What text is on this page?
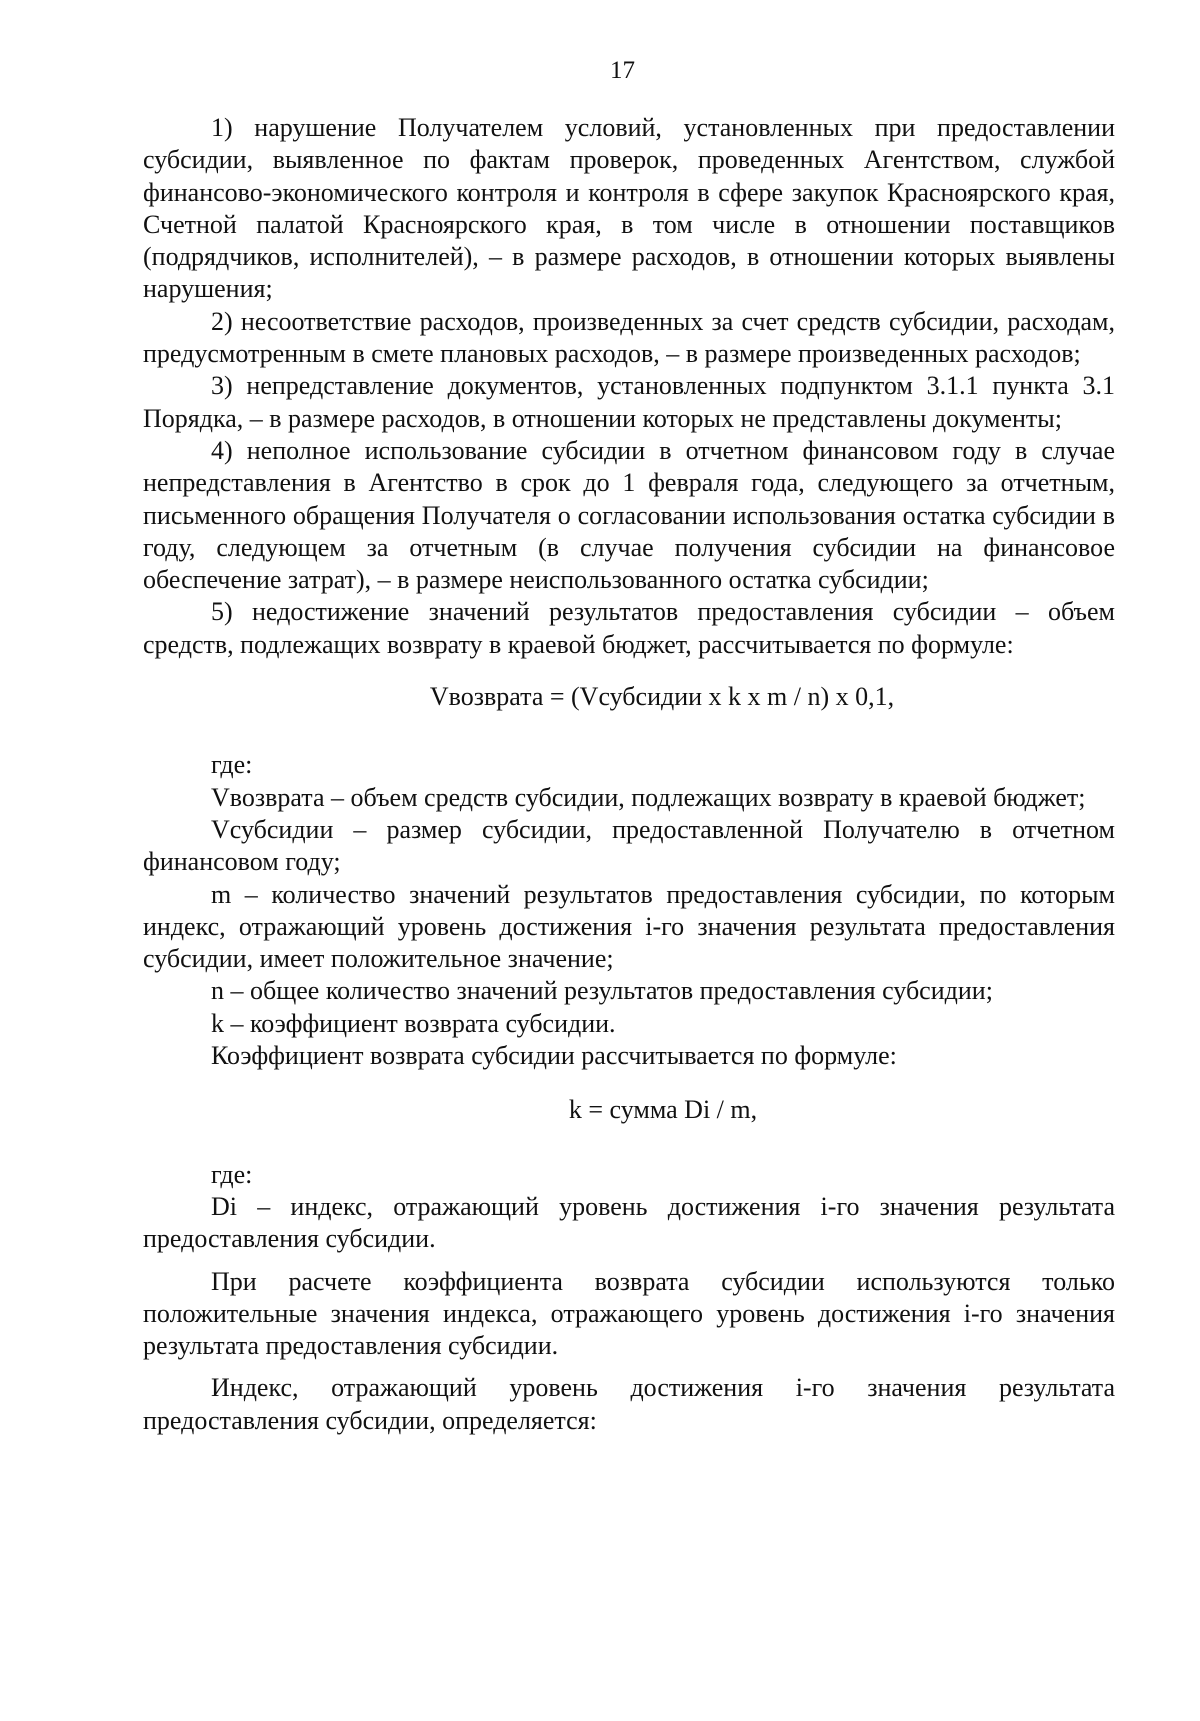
17

1) нарушение Получателем условий, установленных при предоставлении субсидии, выявленное по фактам проверок, проведенных Агентством, службой финансово-экономического контроля и контроля в сфере закупок Красноярского края, Счетной палатой Красноярского края, в том числе в отношении поставщиков (подрядчиков, исполнителей), – в размере расходов, в отношении которых выявлены нарушения;

2) несоответствие расходов, произведенных за счет средств субсидии, расходам, предусмотренным в смете плановых расходов, – в размере произведенных расходов;

3) непредставление документов, установленных подпунктом 3.1.1 пункта 3.1 Порядка, – в размере расходов, в отношении которых не представлены документы;

4) неполное использование субсидии в отчетном финансовом году в случае непредставления в Агентство в срок до 1 февраля года, следующего за отчетным, письменного обращения Получателя о согласовании использования остатка субсидии в году, следующем за отчетным (в случае получения субсидии на финансовое обеспечение затрат), – в размере неиспользованного остатка субсидии;

5) недостижение значений результатов предоставления субсидии – объем средств, подлежащих возврату в краевой бюджет, рассчитывается по формуле:

Vвозврата = (Vсубсидии x k x m / n) x 0,1,

где:

Vвозврата – объем средств субсидии, подлежащих возврату в краевой бюджет;

Vсубсидии – размер субсидии, предоставленной Получателю в отчетном финансовом году;

m – количество значений результатов предоставления субсидии, по которым индекс, отражающий уровень достижения i-го значения результата предоставления субсидии, имеет положительное значение;

n – общее количество значений результатов предоставления субсидии;

k – коэффициент возврата субсидии.

Коэффициент возврата субсидии рассчитывается по формуле:

k = сумма Di / m,

где:

Di – индекс, отражающий уровень достижения i-го значения результата предоставления субсидии.

При расчете коэффициента возврата субсидии используются только положительные значения индекса, отражающего уровень достижения i-го значения результата предоставления субсидии.

Индекс, отражающий уровень достижения i-го значения результата предоставления субсидии, определяется:
